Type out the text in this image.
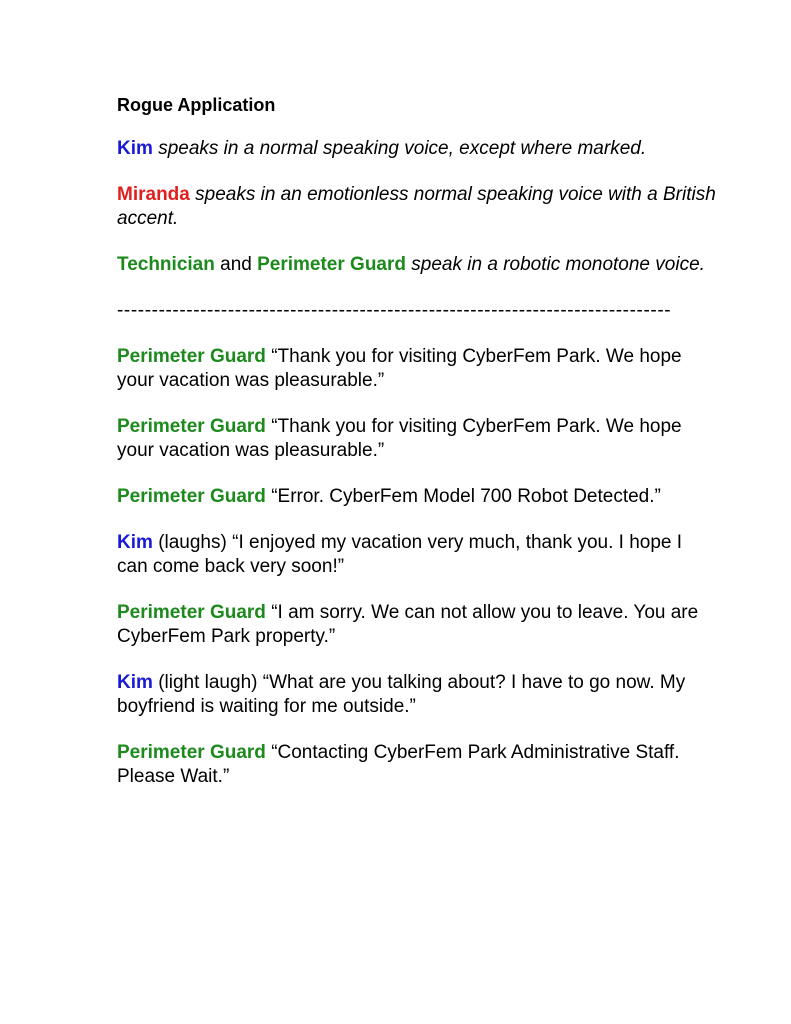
Rogue Application
Kim speaks in a normal speaking voice, except where marked.
Miranda speaks in an emotionless normal speaking voice with a British accent.
Technician and Perimeter Guard speak in a robotic monotone voice.
--------------------------------------------------------------------------------
Perimeter Guard “Thank you for visiting CyberFem Park. We hope your vacation was pleasurable.”
Perimeter Guard “Thank you for visiting CyberFem Park. We hope your vacation was pleasurable.”
Perimeter Guard “Error. CyberFem Model 700 Robot Detected.”
Kim (laughs) “I enjoyed my vacation very much, thank you. I hope I can come back very soon!”
Perimeter Guard “I am sorry. We can not allow you to leave. You are CyberFem Park property.”
Kim (light laugh) “What are you talking about? I have to go now. My boyfriend is waiting for me outside.”
Perimeter Guard “Contacting CyberFem Park Administrative Staff. Please Wait.”
